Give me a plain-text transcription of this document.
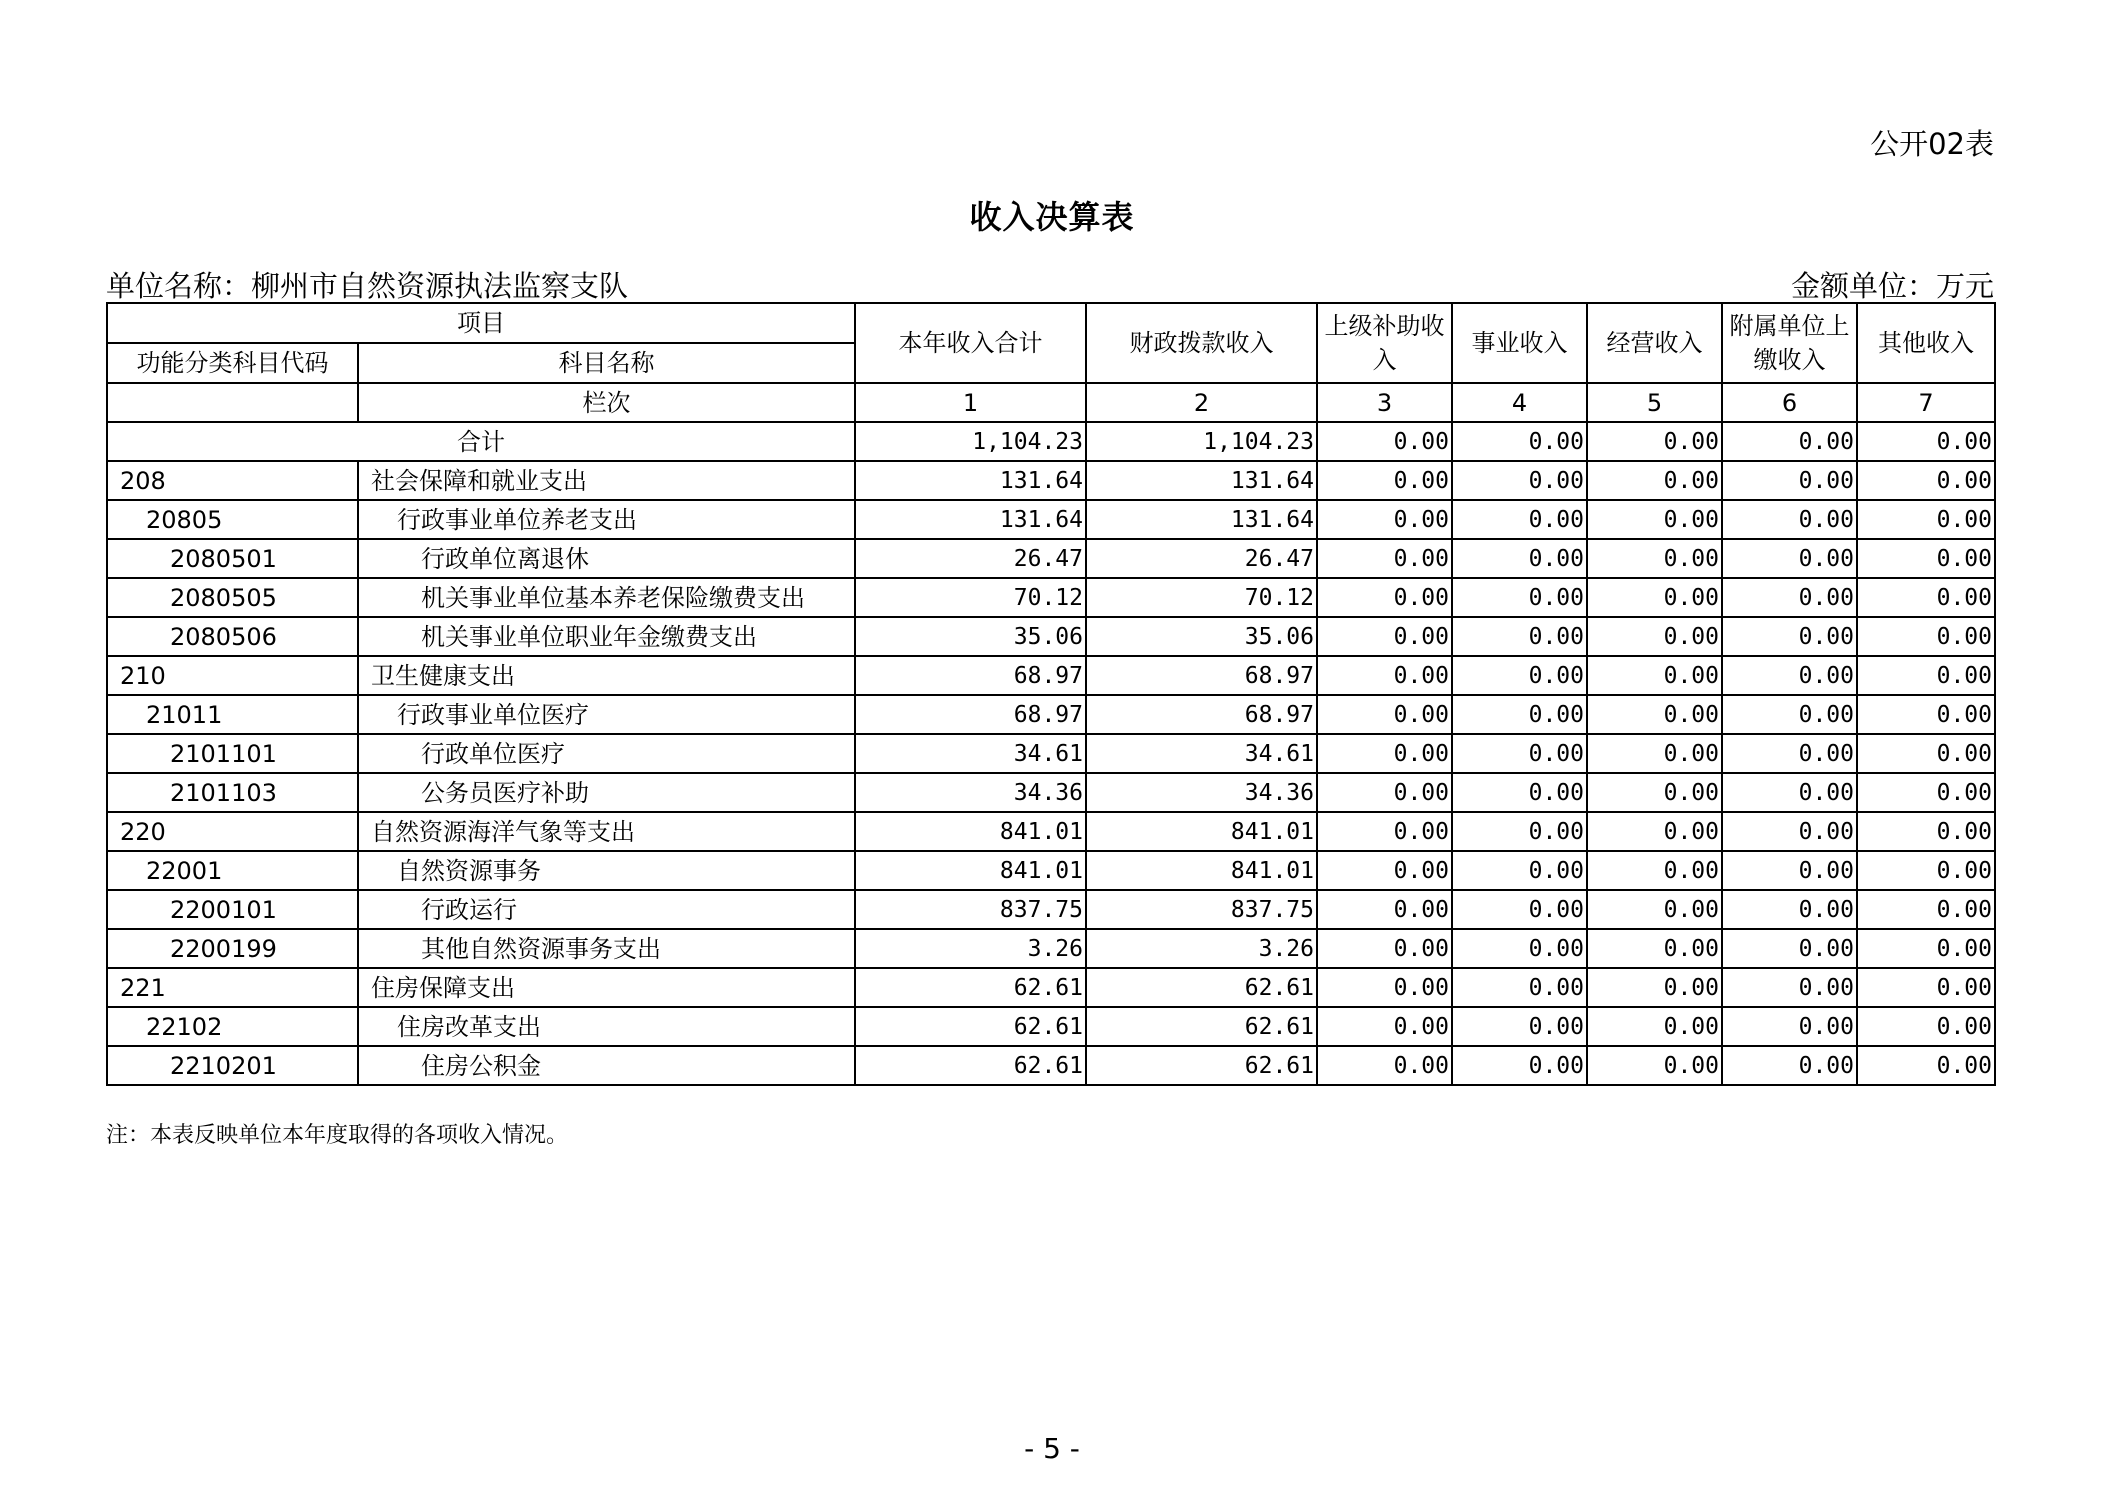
公开02表
收入决算表
单位名称：柳州市自然资源执法监察支队	金额单位：万元
项目		本年收入合计	财政拨款收入	上级补助收入	事业收入	经营收入	附属单位上缴收入	其他收入
功能分类科目代码	科目名称							
	栏次	1	2	3	4	5	6	7
合计		1,104.23	1,104.23	0.00	0.00	0.00	0.00	0.00
208	社会保障和就业支出	131.64	131.64	0.00	0.00	0.00	0.00	0.00
20805	行政事业单位养老支出	131.64	131.64	0.00	0.00	0.00	0.00	0.00
2080501	行政单位离退休	26.47	26.47	0.00	0.00	0.00	0.00	0.00
2080505	机关事业单位基本养老保险缴费支出	70.12	70.12	0.00	0.00	0.00	0.00	0.00
2080506	机关事业单位职业年金缴费支出	35.06	35.06	0.00	0.00	0.00	0.00	0.00
210	卫生健康支出	68.97	68.97	0.00	0.00	0.00	0.00	0.00
21011	行政事业单位医疗	68.97	68.97	0.00	0.00	0.00	0.00	0.00
2101101	行政单位医疗	34.61	34.61	0.00	0.00	0.00	0.00	0.00
2101103	公务员医疗补助	34.36	34.36	0.00	0.00	0.00	0.00	0.00
220	自然资源海洋气象等支出	841.01	841.01	0.00	0.00	0.00	0.00	0.00
22001	自然资源事务	841.01	841.01	0.00	0.00	0.00	0.00	0.00
2200101	行政运行	837.75	837.75	0.00	0.00	0.00	0.00	0.00
2200199	其他自然资源事务支出	3.26	3.26	0.00	0.00	0.00	0.00	0.00
221	住房保障支出	62.61	62.61	0.00	0.00	0.00	0.00	0.00
22102	住房改革支出	62.61	62.61	0.00	0.00	0.00	0.00	0.00
2210201	住房公积金	62.61	62.61	0.00	0.00	0.00	0.00	0.00
注：本表反映单位本年度取得的各项收入情况。
- 5 -
